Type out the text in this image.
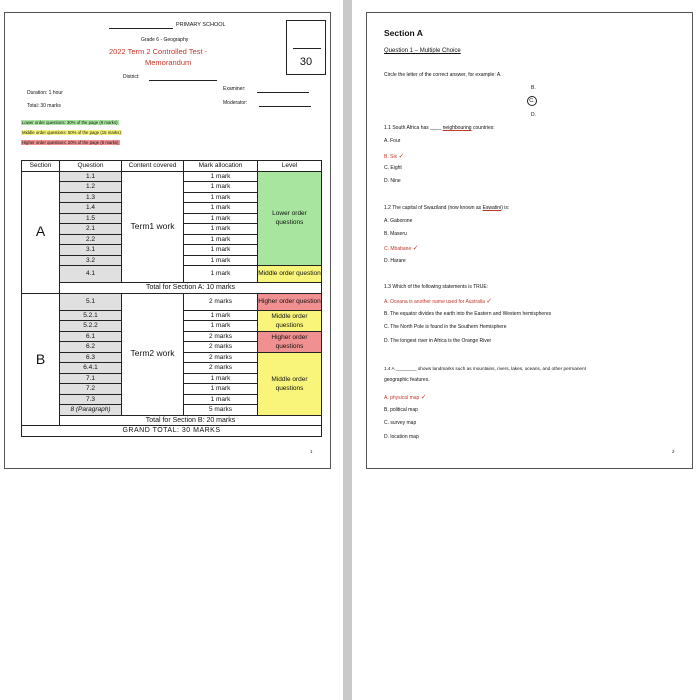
PRIMARY SCHOOL
Grade 6 - Geography
2022 Term 2 Controlled Test -
Memorandum
District:
30
Duration: 1 hour
Total: 30 marks
Examiner:
Moderator:
Lower order questions: 30% of the page (9 marks)
Middle order questions: 50% of the page (15 marks)
Higher order questions: 20% of the page (6 marks)
Section	Question	Content covered	Mark allocation	Level
A	1.1	Term1 work	1 mark	Lower order questions
	1.2		1 mark	
	1.3		1 mark	
	1.4		1 mark	
	1.5		1 mark	
	2.1		1 mark	
	2.2		1 mark	
	3.1		1 mark	
	3.2		1 mark	
	4.1		1 mark	Middle order question
	Total for Section A: 10 marks			
B	5.1	Term2 work	2 marks	Higher order question
	5.2.1		1 mark	Middle order questions
	5.2.2		1 mark	
	6.1		2 marks	Higher order questions
	6.2		2 marks	
	6.3		2 marks	Middle order questions
	6.4.1		2 marks	
	7.1		1 mark	
	7.2		1 mark	
	7.3		1 mark	
	8 (Paragraph)		5 marks	
	Total for Section B: 20 marks			
GRAND TOTAL: 30 MARKS				
1
Section A
Question 1 – Multiple Choice
Circle the letter of the correct answer, for example: A.
B.
C.
D.
1.1 South Africa has ____ neighbouring countries:
A. Four
B. Six ✓
C. Eight
D. Nine
1.2 The capital of Swaziland (now known as Eswatini) is:
A. Gaborone
B. Maseru
C. Mbabane ✓
D. Harare
1.3 Which of the following statements is TRUE:
A. Oceana is another name used for Australia ✓
B. The equator divides the earth into the Eastern and Western hemispheres
C. The North Pole is found in the Southern Hemisphere
D. The longest river in Africa is the Orange River
1.4 A ________ shows landmarks such as mountains, rivers, lakes, oceans, and other permanent
geographic features.
A. physical map ✓
B. political map
C. survey map
D. location map
2
